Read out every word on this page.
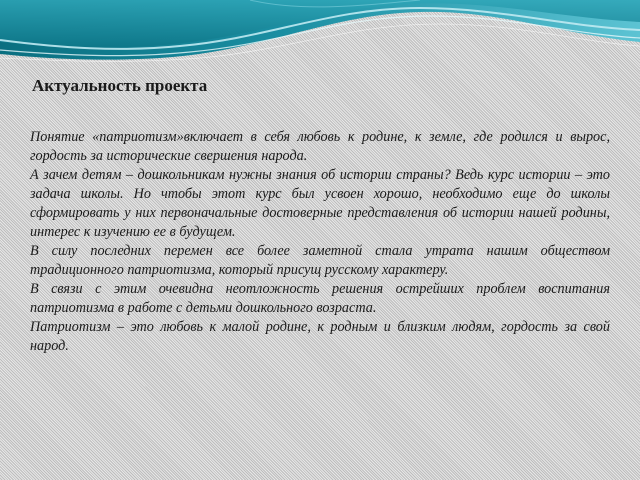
Актуальность проекта

Понятие «патриотизм»включает в себя любовь к родине, к земле, где родился и вырос, гордость за исторические свершения народа.

А зачем детям – дошкольникам нужны знания об истории страны? Ведь курс истории – это задача школы. Но чтобы этот курс был усвоен хорошо, необходимо еще до школы сформировать у них первоначальные достоверные представления об истории нашей родины, интерес к изучению ее в будущем.

В силу последних перемен все более заметной стала утрата нашим обществом традиционного патриотизма, который присущ русскому характеру.

В связи с этим очевидна неотложность решения острейших проблем воспитания патриотизма в работе с детьми дошкольного возраста.

Патриотизм – это любовь к малой родине, к родным и близким людям, гордость за свой народ.
